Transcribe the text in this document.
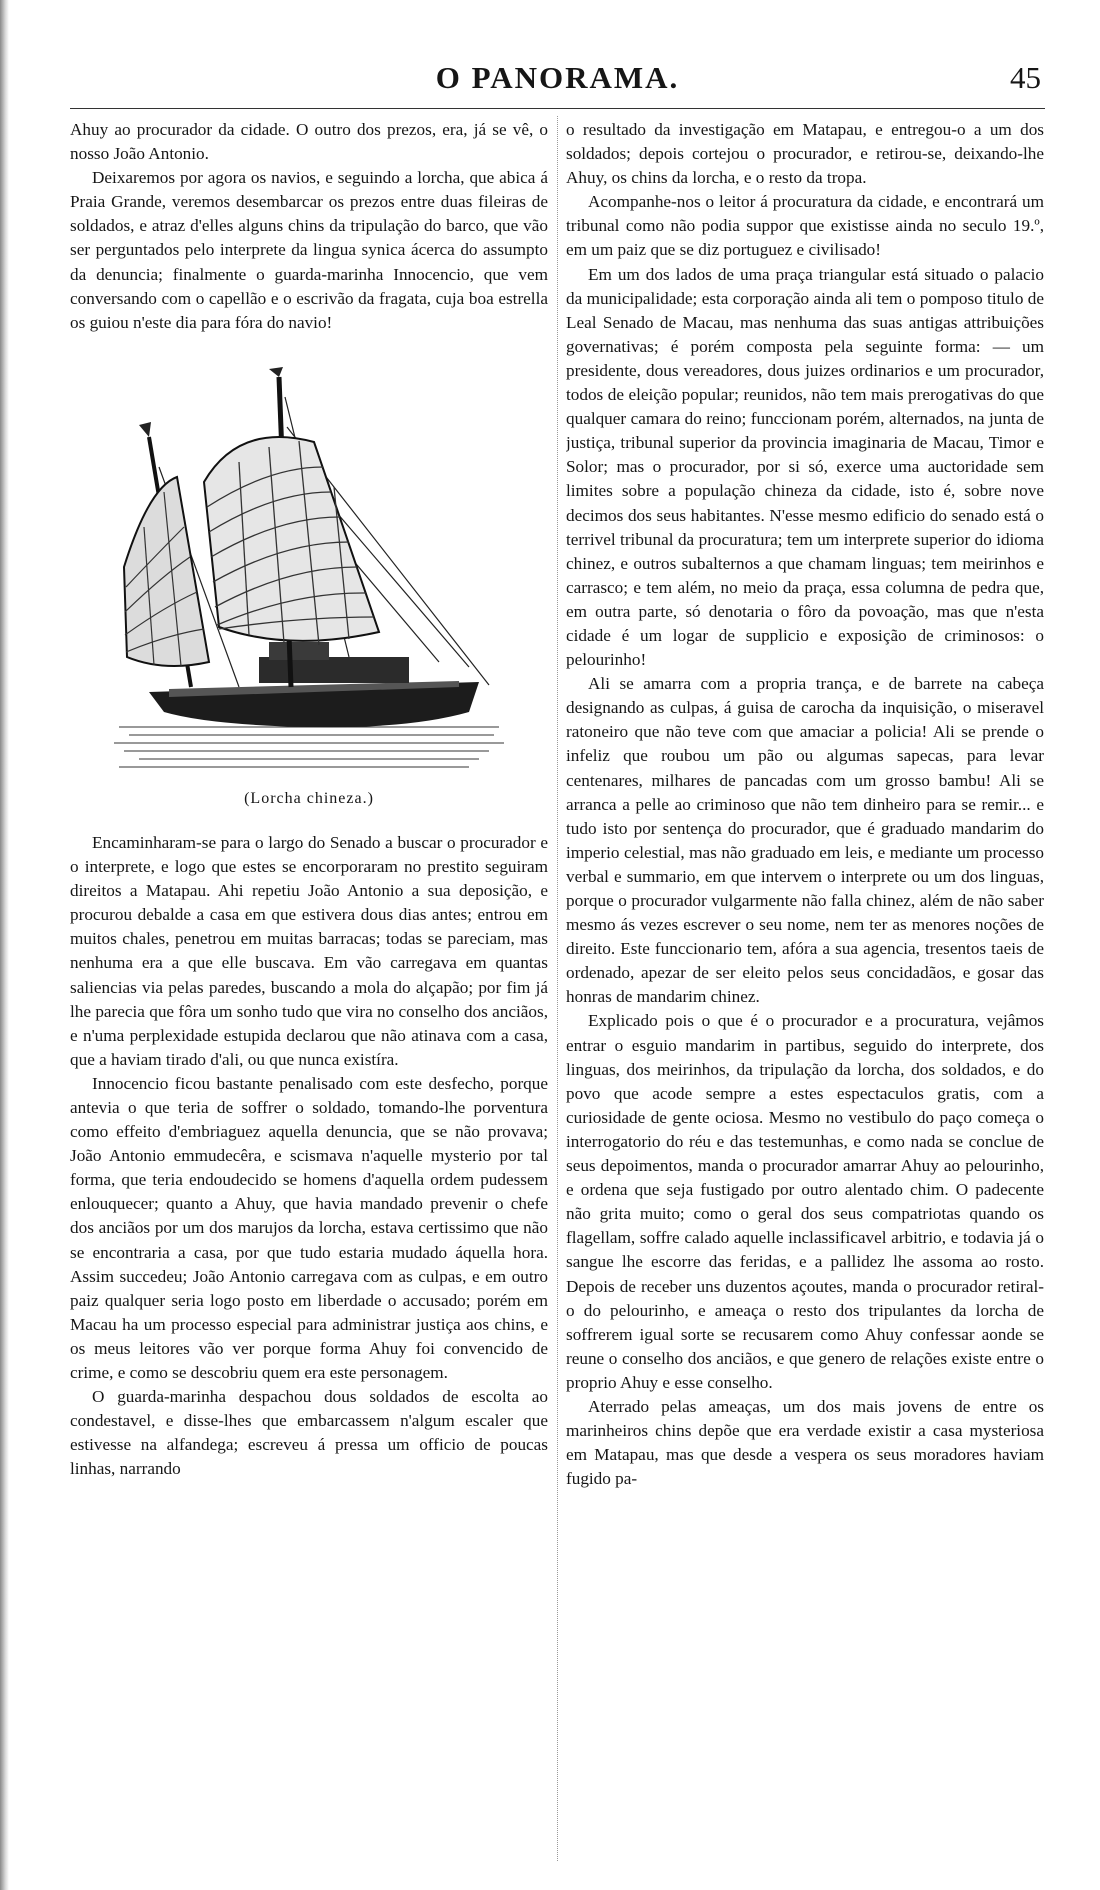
O PANORAMA.	45

Ahuy ao procurador da cidade. O outro dos prezos, era, já se vê, o nosso João Antonio.

Deixaremos por agora os navios, e seguindo a lorcha, que abica á Praia Grande, veremos desembarcar os prezos entre duas fileiras de soldados, e atraz d'elles alguns chins da tripulação do barco, que vão ser perguntados pelo interprete da lingua synica ácerca do assumpto da denuncia; finalmente o guarda-marinha Innocencio, que vem conversando com o capellão e o escrivão da fragata, cuja boa estrella os guiou n'este dia para fóra do navio!

(Lorcha chineza.)

Encaminharam-se para o largo do Senado a buscar o procurador e o interprete, e logo que estes se encorporaram no prestito seguiram direitos a Matapau. Ahi repetiu João Antonio a sua deposição, e procurou debalde a casa em que estivera dous dias antes; entrou em muitos chales, penetrou em muitas barracas; todas se pareciam, mas nenhuma era a que elle buscava. Em vão carregava em quantas saliencias via pelas paredes, buscando a mola do alçapão; por fim já lhe parecia que fôra um sonho tudo que vira no conselho dos anciãos, e n'uma perplexidade estupida declarou que não atinava com a casa, que a haviam tirado d'ali, ou que nunca existíra.

Innocencio ficou bastante penalisado com este desfecho, porque antevia o que teria de soffrer o soldado, tomando-lhe porventura como effeito d'embriaguez aquella denuncia, que se não provava; João Antonio emmudecêra, e scismava n'aquelle mysterio por tal forma, que teria endoudecido se homens d'aquella ordem pudessem enlouquecer; quanto a Ahuy, que havia mandado prevenir o chefe dos anciãos por um dos marujos da lorcha, estava certissimo que não se encontraria a casa, por que tudo estaria mudado áquella hora. Assim succedeu; João Antonio carregava com as culpas, e em outro paiz qualquer seria logo posto em liberdade o accusado; porém em Macau ha um processo especial para administrar justiça aos chins, e os meus leitores vão ver porque forma Ahuy foi convencido de crime, e como se descobriu quem era este personagem.

O guarda-marinha despachou dous soldados de escolta ao condestavel, e disse-lhes que embarcassem n'algum escaler que estivesse na alfandega; escreveu á pressa um officio de poucas linhas, narrando

o resultado da investigação em Matapau, e entregou-o a um dos soldados; depois cortejou o procurador, e retirou-se, deixando-lhe Ahuy, os chins da lorcha, e o resto da tropa.

Acompanhe-nos o leitor á procuratura da cidade, e encontrará um tribunal como não podia suppor que existisse ainda no seculo 19.º, em um paiz que se diz portuguez e civilisado!

Em um dos lados de uma praça triangular está situado o palacio da municipalidade; esta corporação ainda ali tem o pomposo titulo de Leal Senado de Macau, mas nenhuma das suas antigas attribuições governativas; é porém composta pela seguinte forma: — um presidente, dous vereadores, dous juizes ordinarios e um procurador, todos de eleição popular; reunidos, não tem mais prerogativas do que qualquer camara do reino; funccionam porém, alternados, na junta de justiça, tribunal superior da provincia imaginaria de Macau, Timor e Solor; mas o procurador, por si só, exerce uma auctoridade sem limites sobre a população chineza da cidade, isto é, sobre nove decimos dos seus habitantes. N'esse mesmo edificio do senado está o terrivel tribunal da procuratura; tem um interprete superior do idioma chinez, e outros subalternos a que chamam linguas; tem meirinhos e carrasco; e tem além, no meio da praça, essa columna de pedra que, em outra parte, só denotaria o fôro da povoação, mas que n'esta cidade é um logar de supplicio e exposição de criminosos: o pelourinho!

Ali se amarra com a propria trança, e de barrete na cabeça designando as culpas, á guisa de carocha da inquisição, o miseravel ratoneiro que não teve com que amaciar a policia! Ali se prende o infeliz que roubou um pão ou algumas sapecas, para levar centenares, milhares de pancadas com um grosso bambu! Ali se arranca a pelle ao criminoso que não tem dinheiro para se remir... e tudo isto por sentença do procurador, que é graduado mandarim do imperio celestial, mas não graduado em leis, e mediante um processo verbal e summario, em que intervem o interprete ou um dos linguas, porque o procurador vulgarmente não falla chinez, além de não saber mesmo ás vezes escrever o seu nome, nem ter as menores noções de direito. Este funccionario tem, afóra a sua agencia, tresentos taeis de ordenado, apezar de ser eleito pelos seus concidadãos, e gosar das honras de mandarim chinez.

Explicado pois o que é o procurador e a procuratura, vejâmos entrar o esguio mandarim in partibus, seguido do interprete, dos linguas, dos meirinhos, da tripulação da lorcha, dos soldados, e do povo que acode sempre a estes espectaculos gratis, com a curiosidade de gente ociosa. Mesmo no vestibulo do paço começa o interrogatorio do réu e das testemunhas, e como nada se conclue de seus depoimentos, manda o procurador amarrar Ahuy ao pelourinho, e ordena que seja fustigado por outro alentado chim. O padecente não grita muito; como o geral dos seus compatriotas quando os flagellam, soffre calado aquelle inclassificavel arbitrio, e todavia já o sangue lhe escorre das feridas, e a pallidez lhe assoma ao rosto. Depois de receber uns duzentos açoutes, manda o procurador retiral-o do pelourinho, e ameaça o resto dos tripulantes da lorcha de soffrerem igual sorte se recusarem como Ahuy confessar aonde se reune o conselho dos anciãos, e que genero de relações existe entre o proprio Ahuy e esse conselho.

Aterrado pelas ameaças, um dos mais jovens de entre os marinheiros chins depõe que era verdade existir a casa mysteriosa em Matapau, mas que desde a vespera os seus moradores haviam fugido pa-
